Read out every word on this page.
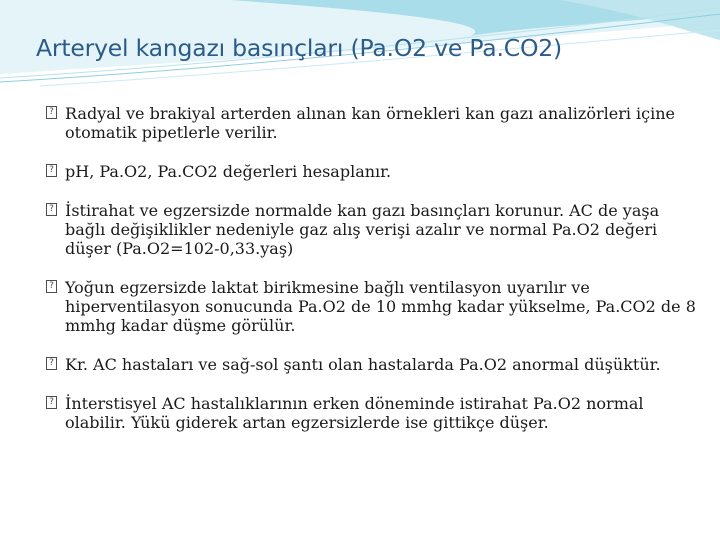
Arteryel kangazı basınçları (Pa.O2 ve Pa.CO2)
? Radyal ve brakiyal arterden alınan kan örnekleri kan gazı analizörleri içine otomatik pipetlerle verilir.
? pH, Pa.O2, Pa.CO2 değerleri hesaplanır.
? İstirahat ve egzersizde normalde kan gazı basınçları korunur. AC de yaşa bağlı değişiklikler nedeniyle gaz alış verişi azalır ve normal Pa.O2 değeri düşer (Pa.O2=102-0,33.yaş)
? Yoğun egzersizde laktat birikmesine bağlı ventilasyon uyarılır ve hiperventilasyon sonucunda Pa.O2 de 10 mmhg kadar yükselme, Pa.CO2 de 8 mmhg kadar düşme görülür.
? Kr. AC hastaları ve sağ-sol şantı olan hastalarda Pa.O2 anormal düşüktür.
? İnterstisyel AC hastalıklarının erken döneminde istirahat Pa.O2 normal olabilir. Yükü giderek artan egzersizlerde ise gittikçe düşer.
